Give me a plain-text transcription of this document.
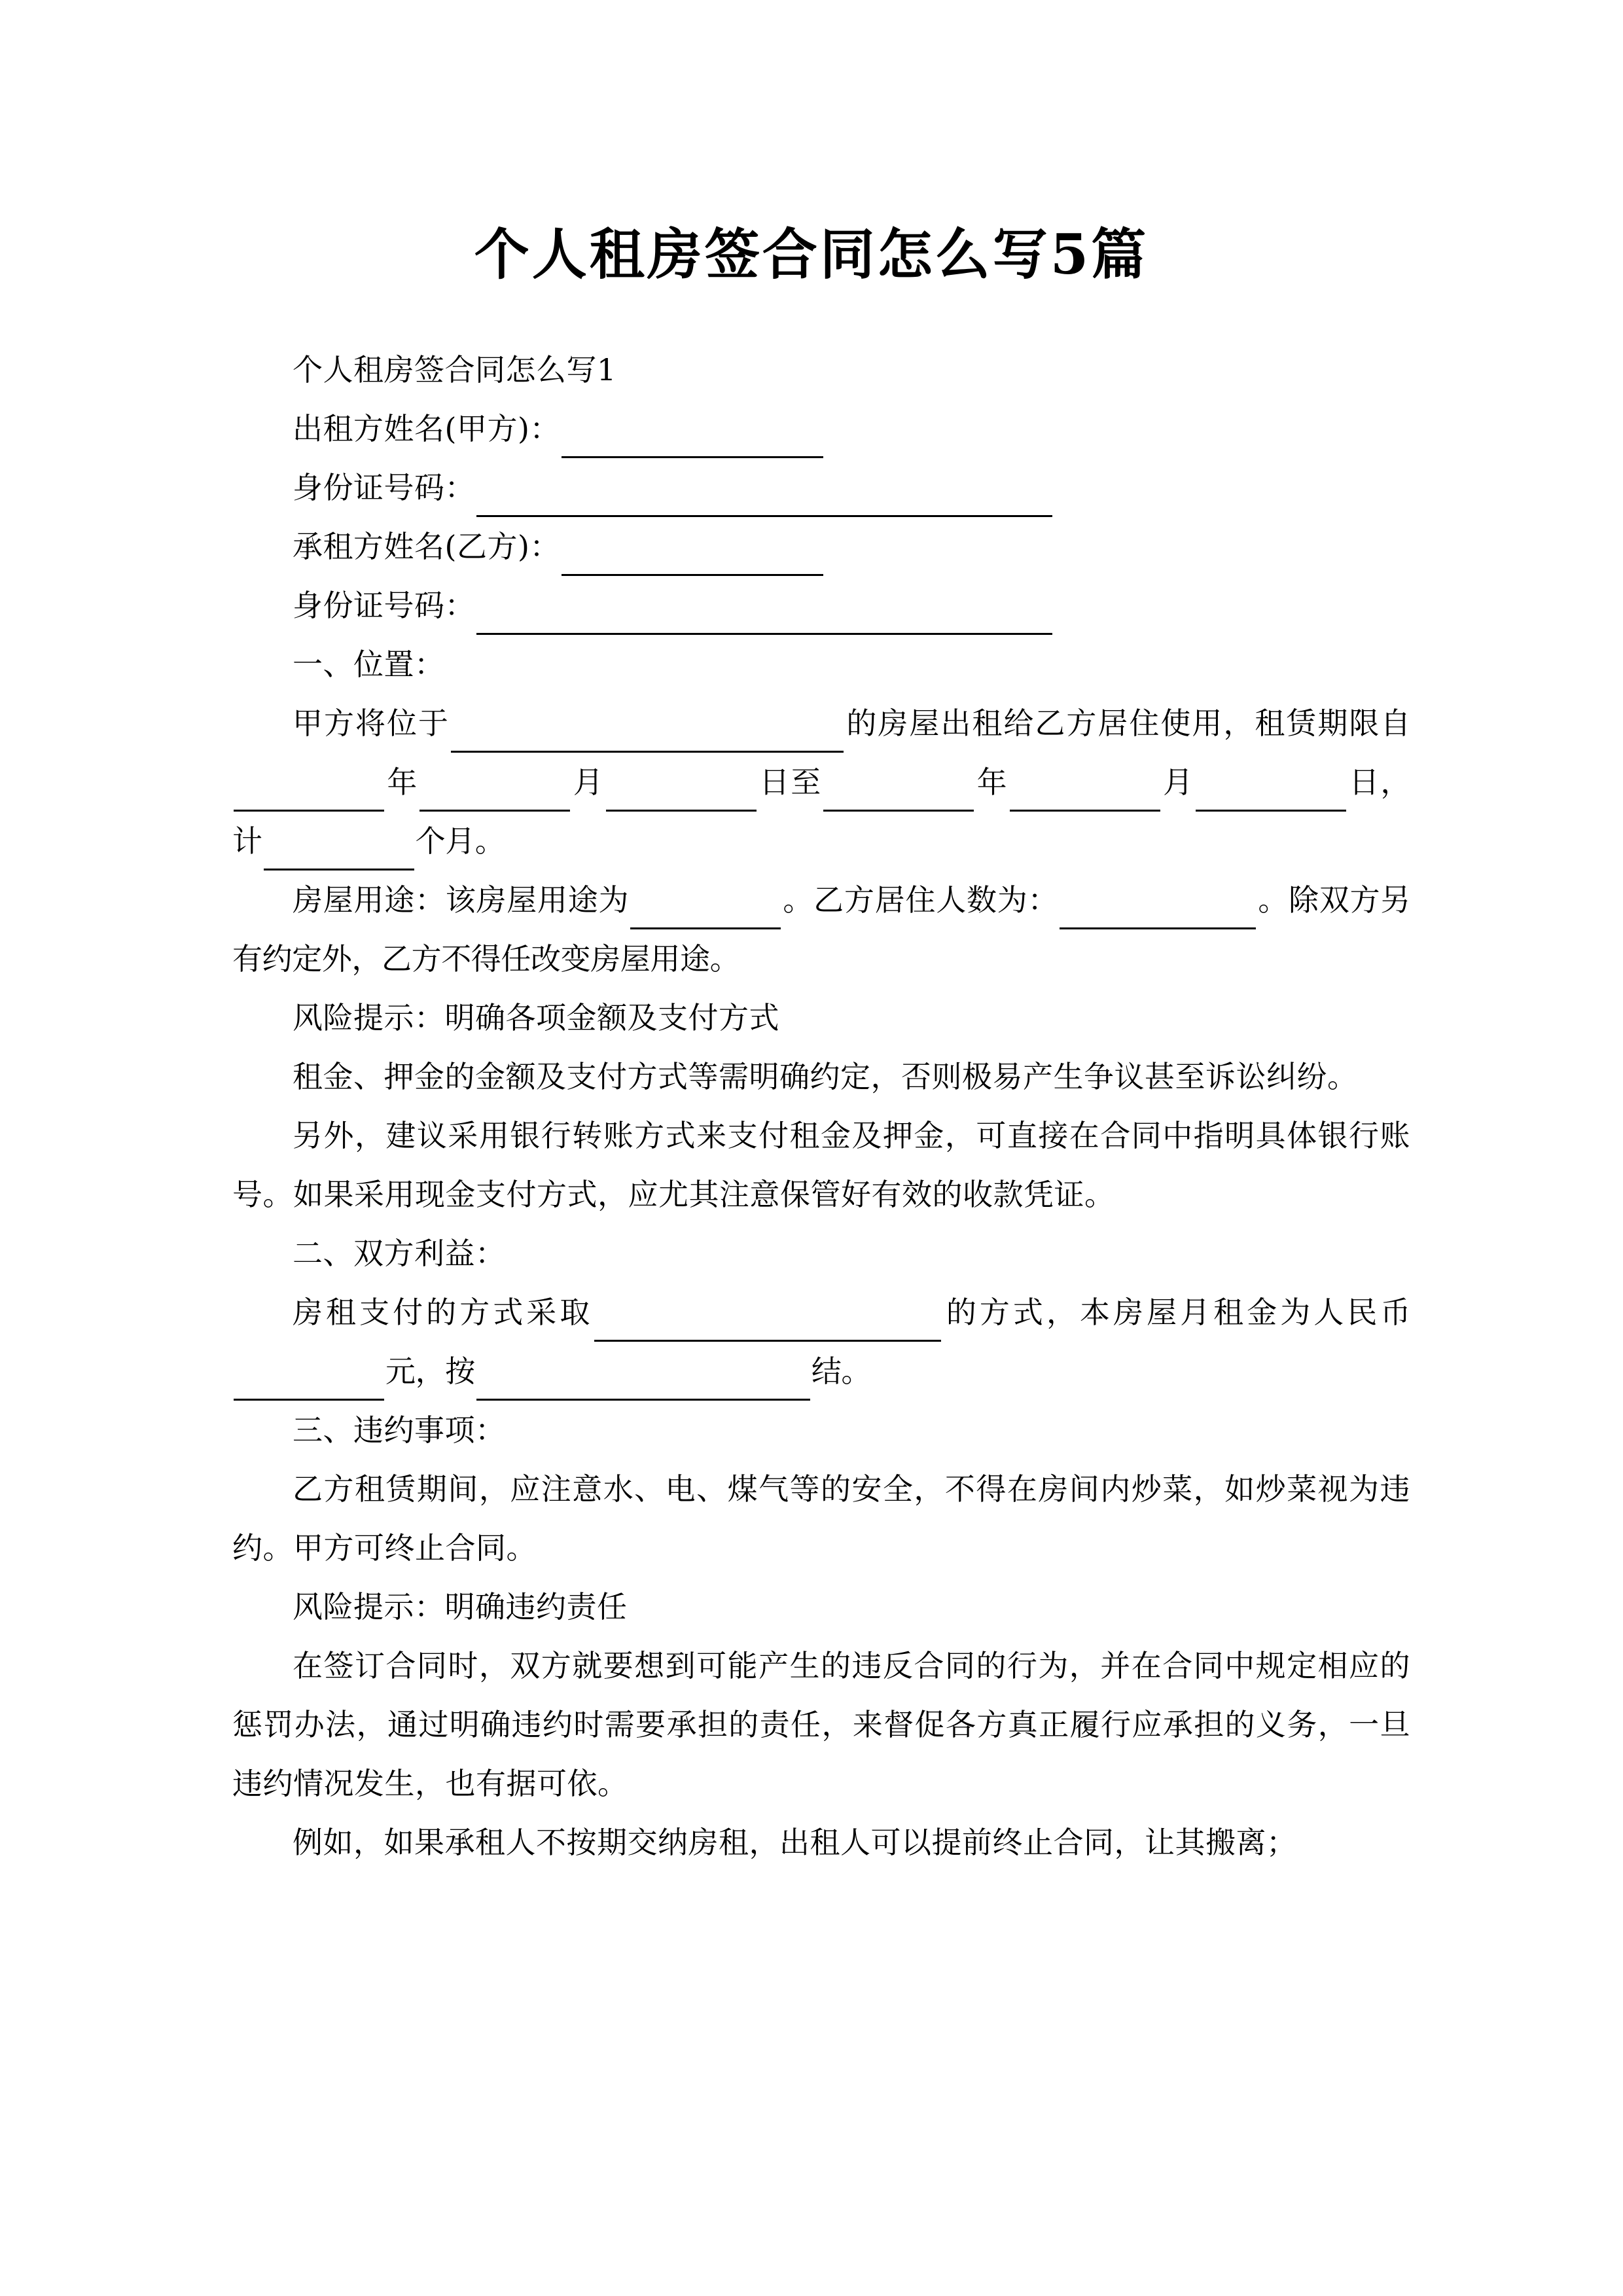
个人租房签合同怎么写5篇

个人租房签合同怎么写1

出租方姓名(甲方)：

身份证号码：

承租方姓名(乙方)：

身份证号码：

一、位置：

甲方将位于	的房屋出租给乙方居住使用，租赁期限自年	月	日至	年	月	日，计	个月。

房屋用途：该房屋用途为	。乙方居住人数为：	。除双方另有约定外，乙方不得任改变房屋用途。

风险提示：明确各项金额及支付方式

租金、押金的金额及支付方式等需明确约定，否则极易产生争议甚至诉讼纠纷。

另外，建议采用银行转账方式来支付租金及押金，可直接在合同中指明具体银行账号。如果采用现金支付方式，应尤其注意保管好有效的收款凭证。

二、双方利益：

房租支付的方式采取	的方式，本房屋月租金为人民币元，按	结。

三、违约事项：

乙方租赁期间，应注意水、电、煤气等的安全，不得在房间内炒菜，如炒菜视为违约。甲方可终止合同。

风险提示：明确违约责任

在签订合同时，双方就要想到可能产生的违反合同的行为，并在合同中规定相应的惩罚办法，通过明确违约时需要承担的责任，来督促各方真正履行应承担的义务，一旦违约情况发生，也有据可依。

例如，如果承租人不按期交纳房租，出租人可以提前终止合同，让其搬离；
